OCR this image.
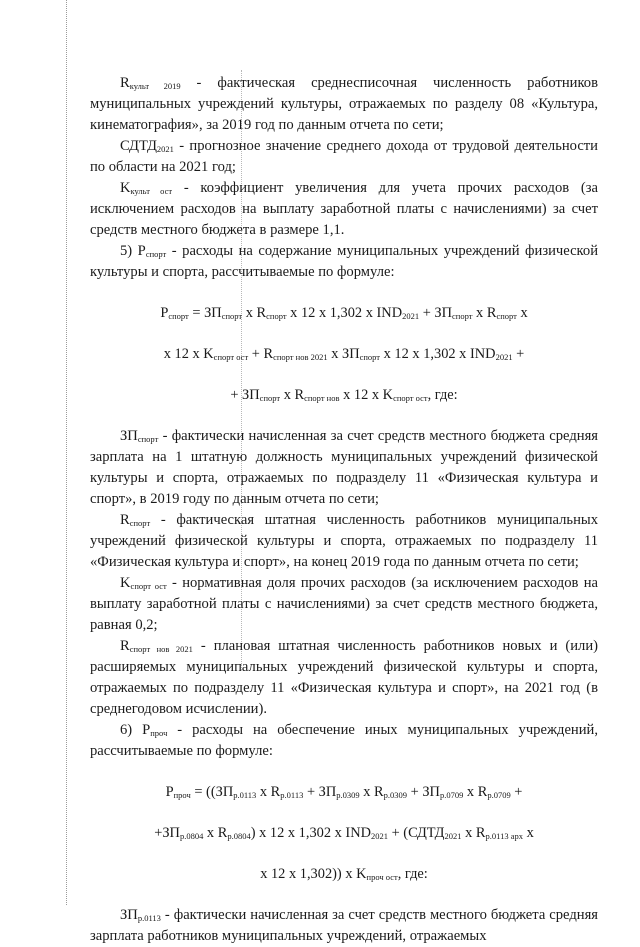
$R_{культ 2019}$ - фактическая среднесписочная численность работников муниципальных учреждений культуры, отражаемых по разделу 08 «Культура, кинематография», за 2019 год по данным отчета по сети;

$СДТД_{2021}$ - прогнозное значение среднего дохода от трудовой деятельности по области на 2021 год;

$K_{культ ост}$ - коэффициент увеличения для учета прочих расходов (за исключением расходов на выплату заработной платы с начислениями) за счет средств местного бюджета в размере 1,1.

5) $P_{спорт}$ - расходы на содержание муниципальных учреждений физической культуры и спорта, рассчитываемые по формуле:

$P_{спорт} = ЗП_{спорт}$ x $R_{спорт}$ x 12 x 1,302 x $IND_{2021} + ЗП_{спорт}$ x $R_{спорт}$ x

x 12 x $K_{спорт ост} + R_{спорт нов 2021}$ x $ЗП_{спорт}$ x 12 x 1,302 x $IND_{2021}$ +

+ $ЗП_{спорт}$ x $R_{спорт нов}$ x 12 x $K_{спорт ост}$, где:

$ЗП_{спорт}$ - фактически начисленная за счет средств местного бюджета средняя зарплата на 1 штатную должность муниципальных учреждений физической культуры и спорта, отражаемых по подразделу 11 «Физическая культура и спорт», в 2019 году по данным отчета по сети;

$R_{спорт}$ - фактическая штатная численность работников муниципальных учреждений физической культуры и спорта, отражаемых по подразделу 11 «Физическая культура и спорт», на конец 2019 года по данным отчета по сети;

$K_{спорт ост}$ - нормативная доля прочих расходов (за исключением расходов на выплату заработной платы с начислениями) за счет средств местного бюджета, равная 0,2;

$R_{спорт нов 2021}$ - плановая штатная численность работников новых и (или) расширяемых муниципальных учреждений физической культуры и спорта, отражаемых по подразделу 11 «Физическая культура и спорт», на 2021 год (в среднегодовом исчислении).

6) $P_{проч}$ - расходы на обеспечение иных муниципальных учреждений, рассчитываемые по формуле:

$P_{проч} = ((ЗП_{р.0113}$ x $R_{р.0113} + ЗП_{р.0309}$ x $R_{р.0309} + ЗП_{р.0709}$ x $R_{р.0709}$ +

$+ЗП_{р.0804}$ x $R_{р.0804}$) x 12 x 1,302 x $IND_{2021}$ + ($СДТД_{2021}$ x $R_{р.0113 арх}$ x

x 12 x 1,302)) x $K_{проч ост}$, где:

$ЗП_{р.0113}$ - фактически начисленная за счет средств местного бюджета средняя зарплата работников муниципальных учреждений, отражаемых
